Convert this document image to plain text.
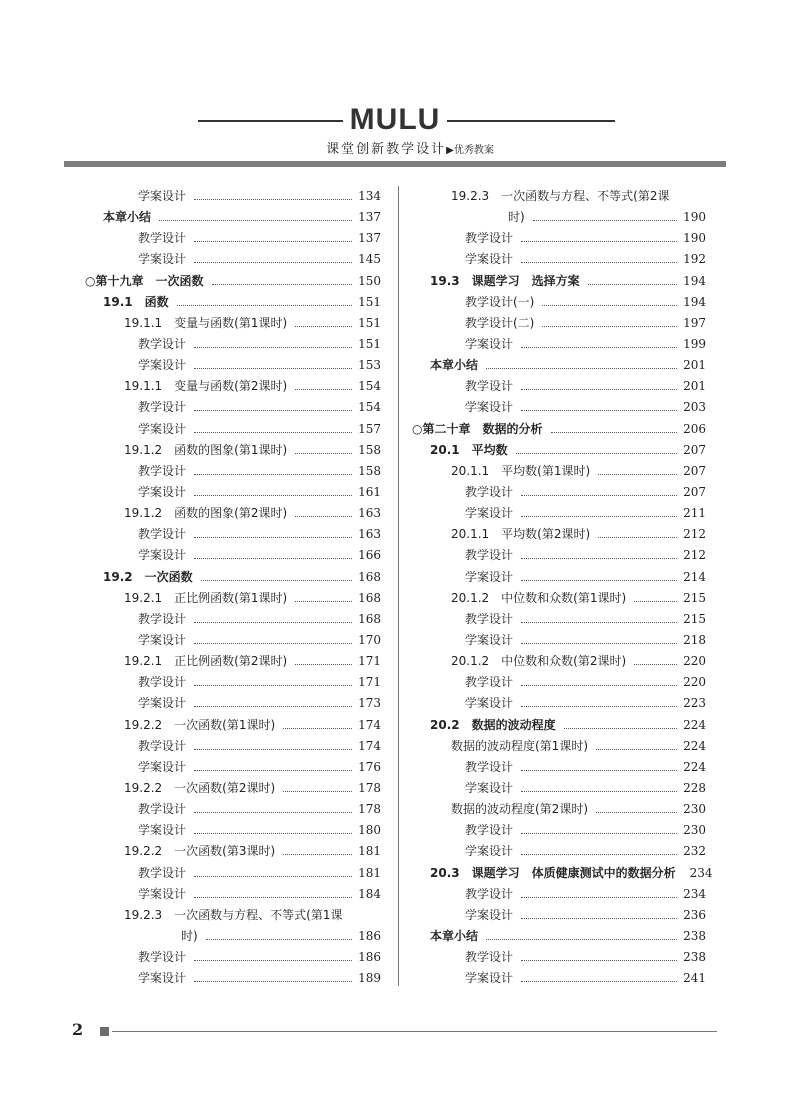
MULU
课堂创新教学设计▶优秀教案
学案设计	134
本章小结	137
教学设计	137
学案设计	145
○第十九章　一次函数	150
19.1　函数	151
19.1.1　变量与函数(第1课时)	151
教学设计	151
学案设计	153
19.1.1　变量与函数(第2课时)	154
教学设计	154
学案设计	157
19.1.2　函数的图象(第1课时)	158
教学设计	158
学案设计	161
19.1.2　函数的图象(第2课时)	163
教学设计	163
学案设计	166
19.2　一次函数	168
19.2.1　正比例函数(第1课时)	168
教学设计	168
学案设计	170
19.2.1　正比例函数(第2课时)	171
教学设计	171
学案设计	173
19.2.2　一次函数(第1课时)	174
教学设计	174
学案设计	176
19.2.2　一次函数(第2课时)	178
教学设计	178
学案设计	180
19.2.2　一次函数(第3课时)	181
教学设计	181
学案设计	184
19.2.3　一次函数与方程、不等式(第1课
时)	186
教学设计	186
学案设计	189
19.2.3　一次函数与方程、不等式(第2课
时)	190
教学设计	190
学案设计	192
19.3　课题学习　选择方案	194
教学设计(一)	194
教学设计(二)	197
学案设计	199
本章小结	201
教学设计	201
学案设计	203
○第二十章　数据的分析	206
20.1　平均数	207
20.1.1　平均数(第1课时)	207
教学设计	207
学案设计	211
20.1.1　平均数(第2课时)	212
教学设计	212
学案设计	214
20.1.2　中位数和众数(第1课时)	215
教学设计	215
学案设计	218
20.1.2　中位数和众数(第2课时)	220
教学设计	220
学案设计	223
20.2　数据的波动程度	224
数据的波动程度(第1课时)	224
教学设计	224
学案设计	228
数据的波动程度(第2课时)	230
教学设计	230
学案设计	232
20.3　课题学习　体质健康测试中的数据分析	234
教学设计	234
学案设计	236
本章小结	238
教学设计	238
学案设计	241
2
